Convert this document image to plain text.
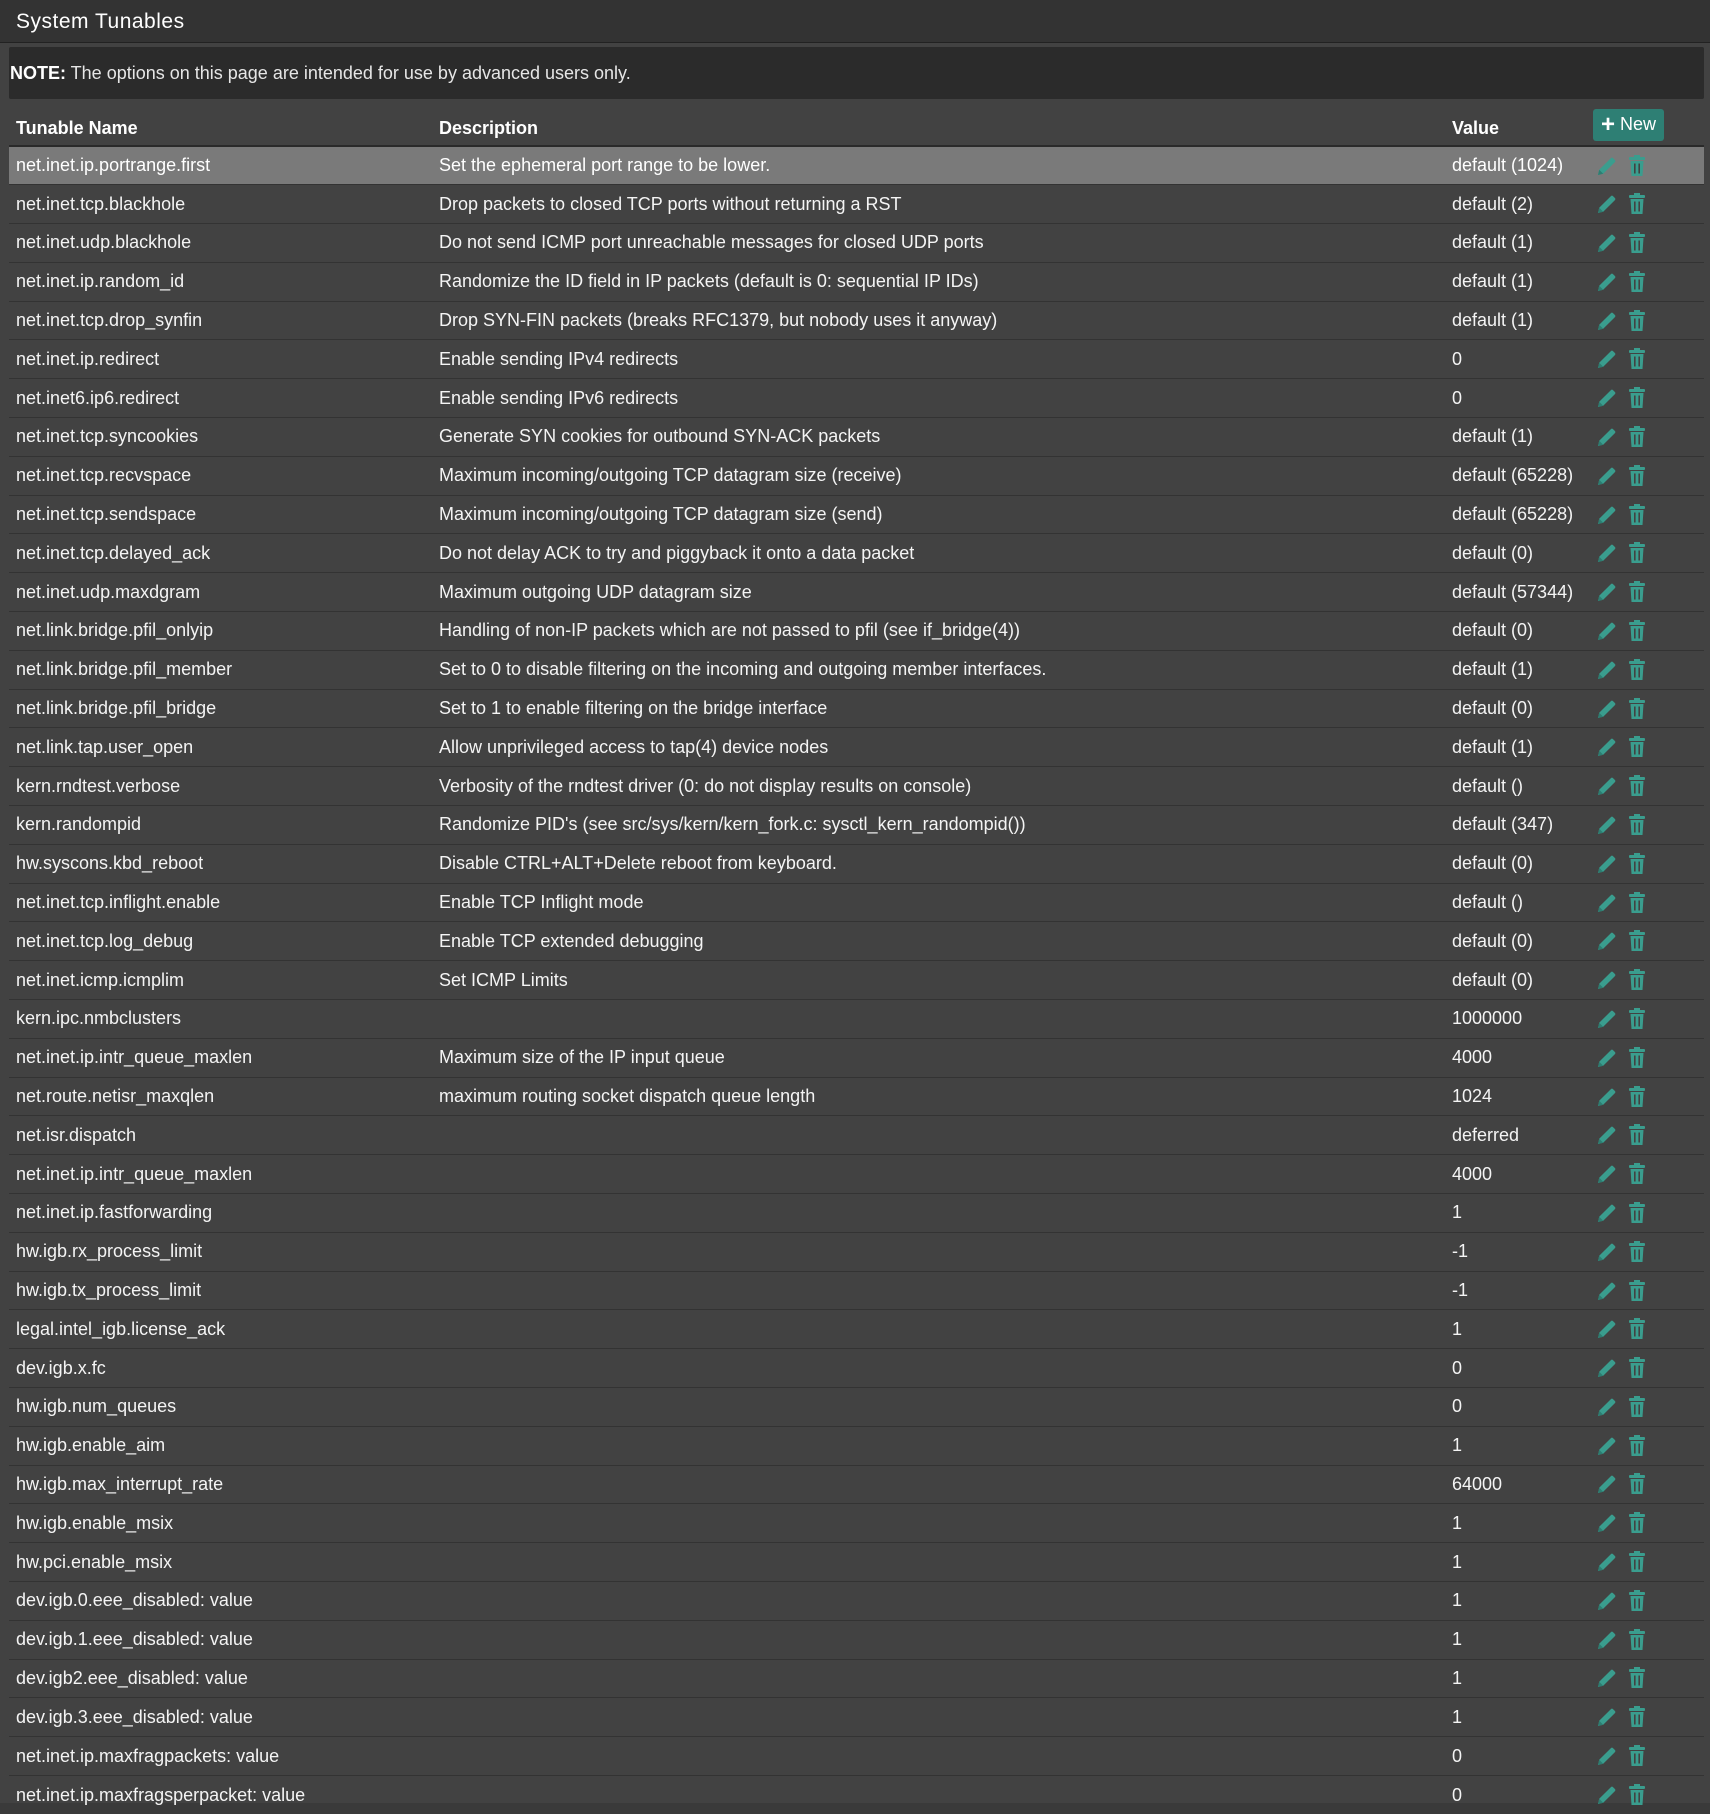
System Tunables
NOTE: The options on this page are intended for use by advanced users only.
Tunable Name	Description	Value	+ New

net.inet.ip.portrange.first	Set the ephemeral port range to be lower.	default (1024)	

net.inet.tcp.blackhole	Drop packets to closed TCP ports without returning a RST	default (2)	

net.inet.udp.blackhole	Do not send ICMP port unreachable messages for closed UDP ports	default (1)	

net.inet.ip.random_id	Randomize the ID field in IP packets (default is 0: sequential IP IDs)	default (1)	

net.inet.tcp.drop_synfin	Drop SYN-FIN packets (breaks RFC1379, but nobody uses it anyway)	default (1)	

net.inet.ip.redirect	Enable sending IPv4 redirects	0	

net.inet6.ip6.redirect	Enable sending IPv6 redirects	0	

net.inet.tcp.syncookies	Generate SYN cookies for outbound SYN-ACK packets	default (1)	

net.inet.tcp.recvspace	Maximum incoming/outgoing TCP datagram size (receive)	default (65228)	

net.inet.tcp.sendspace	Maximum incoming/outgoing TCP datagram size (send)	default (65228)	

net.inet.tcp.delayed_ack	Do not delay ACK to try and piggyback it onto a data packet	default (0)	

net.inet.udp.maxdgram	Maximum outgoing UDP datagram size	default (57344)	

net.link.bridge.pfil_onlyip	Handling of non-IP packets which are not passed to pfil (see if_bridge(4))	default (0)	

net.link.bridge.pfil_member	Set to 0 to disable filtering on the incoming and outgoing member interfaces.	default (1)	

net.link.bridge.pfil_bridge	Set to 1 to enable filtering on the bridge interface	default (0)	

net.link.tap.user_open	Allow unprivileged access to tap(4) device nodes	default (1)	

kern.rndtest.verbose	Verbosity of the rndtest driver (0: do not display results on console)	default ()	

kern.randompid	Randomize PID's (see src/sys/kern/kern_fork.c: sysctl_kern_randompid())	default (347)	

hw.syscons.kbd_reboot	Disable CTRL+ALT+Delete reboot from keyboard.	default (0)	

net.inet.tcp.inflight.enable	Enable TCP Inflight mode	default ()	

net.inet.tcp.log_debug	Enable TCP extended debugging	default (0)	

net.inet.icmp.icmplim	Set ICMP Limits	default (0)	

kern.ipc.nmbclusters		1000000	

net.inet.ip.intr_queue_maxlen	Maximum size of the IP input queue	4000	

net.route.netisr_maxqlen	maximum routing socket dispatch queue length	1024	

net.isr.dispatch		deferred	

net.inet.ip.intr_queue_maxlen		4000	

net.inet.ip.fastforwarding		1	

hw.igb.rx_process_limit		-1	

hw.igb.tx_process_limit		-1	

legal.intel_igb.license_ack		1	

dev.igb.x.fc		0	

hw.igb.num_queues		0	

hw.igb.enable_aim		1	

hw.igb.max_interrupt_rate		64000	

hw.igb.enable_msix		1	

hw.pci.enable_msix		1	

dev.igb.0.eee_disabled: value		1	

dev.igb.1.eee_disabled: value		1	

dev.igb2.eee_disabled: value		1	

dev.igb.3.eee_disabled: value		1	

net.inet.ip.maxfragpackets: value		0	

net.inet.ip.maxfragsperpacket: value		0	
